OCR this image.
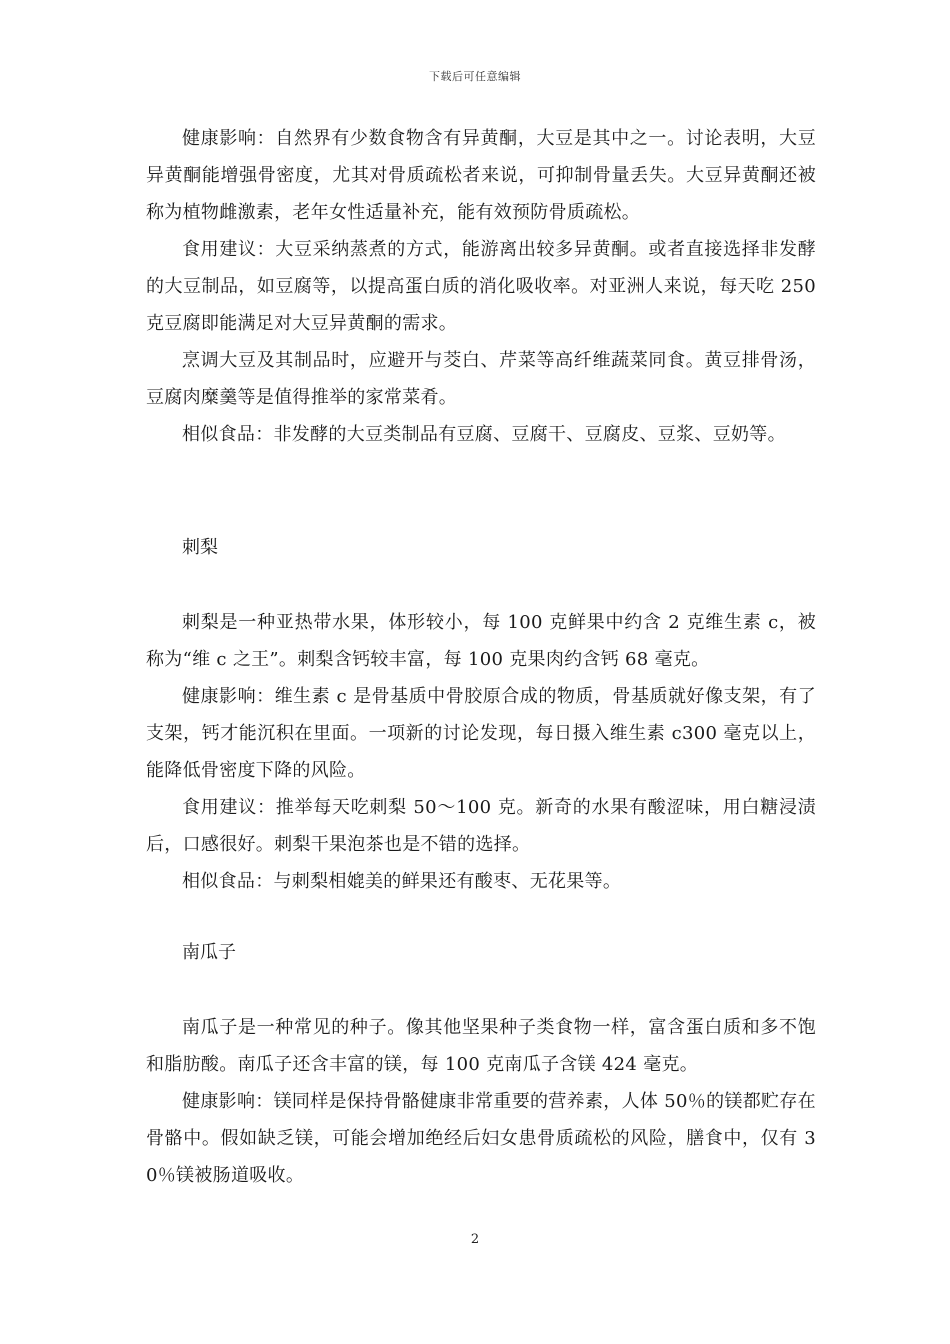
下载后可任意编辑

健康影响：自然界有少数食物含有异黄酮，大豆是其中之一。讨论表明，大豆异黄酮能增强骨密度，尤其对骨质疏松者来说，可抑制骨量丢失。大豆异黄酮还被称为植物雌激素，老年女性适量补充，能有效预防骨质疏松。

食用建议：大豆采纳蒸煮的方式，能游离出较多异黄酮。或者直接选择非发酵的大豆制品，如豆腐等，以提高蛋白质的消化吸收率。对亚洲人来说，每天吃 250 克豆腐即能满足对大豆异黄酮的需求。

烹调大豆及其制品时，应避开与茭白、芹菜等高纤维蔬菜同食。黄豆排骨汤，豆腐肉糜羹等是值得推举的家常菜肴。

相似食品：非发酵的大豆类制品有豆腐、豆腐干、豆腐皮、豆浆、豆奶等。

刺梨

刺梨是一种亚热带水果，体形较小，每 100 克鲜果中约含 2 克维生素 c，被称为“维 c 之王”。刺梨含钙较丰富，每 100 克果肉约含钙 68 毫克。

健康影响：维生素 c 是骨基质中骨胶原合成的物质，骨基质就好像支架，有了支架，钙才能沉积在里面。一项新的讨论发现，每日摄入维生素 c300 毫克以上，能降低骨密度下降的风险。

食用建议：推举每天吃刺梨 50～100 克。新奇的水果有酸涩味，用白糖浸渍后，口感很好。刺梨干果泡茶也是不错的选择。

相似食品：与刺梨相媲美的鲜果还有酸枣、无花果等。

南瓜子

南瓜子是一种常见的种子。像其他坚果种子类食物一样，富含蛋白质和多不饱和脂肪酸。南瓜子还含丰富的镁，每 100 克南瓜子含镁 424 毫克。

健康影响：镁同样是保持骨骼健康非常重要的营养素，人体 50％的镁都贮存在骨骼中。假如缺乏镁，可能会增加绝经后妇女患骨质疏松的风险，膳食中，仅有 30％镁被肠道吸收。

2
